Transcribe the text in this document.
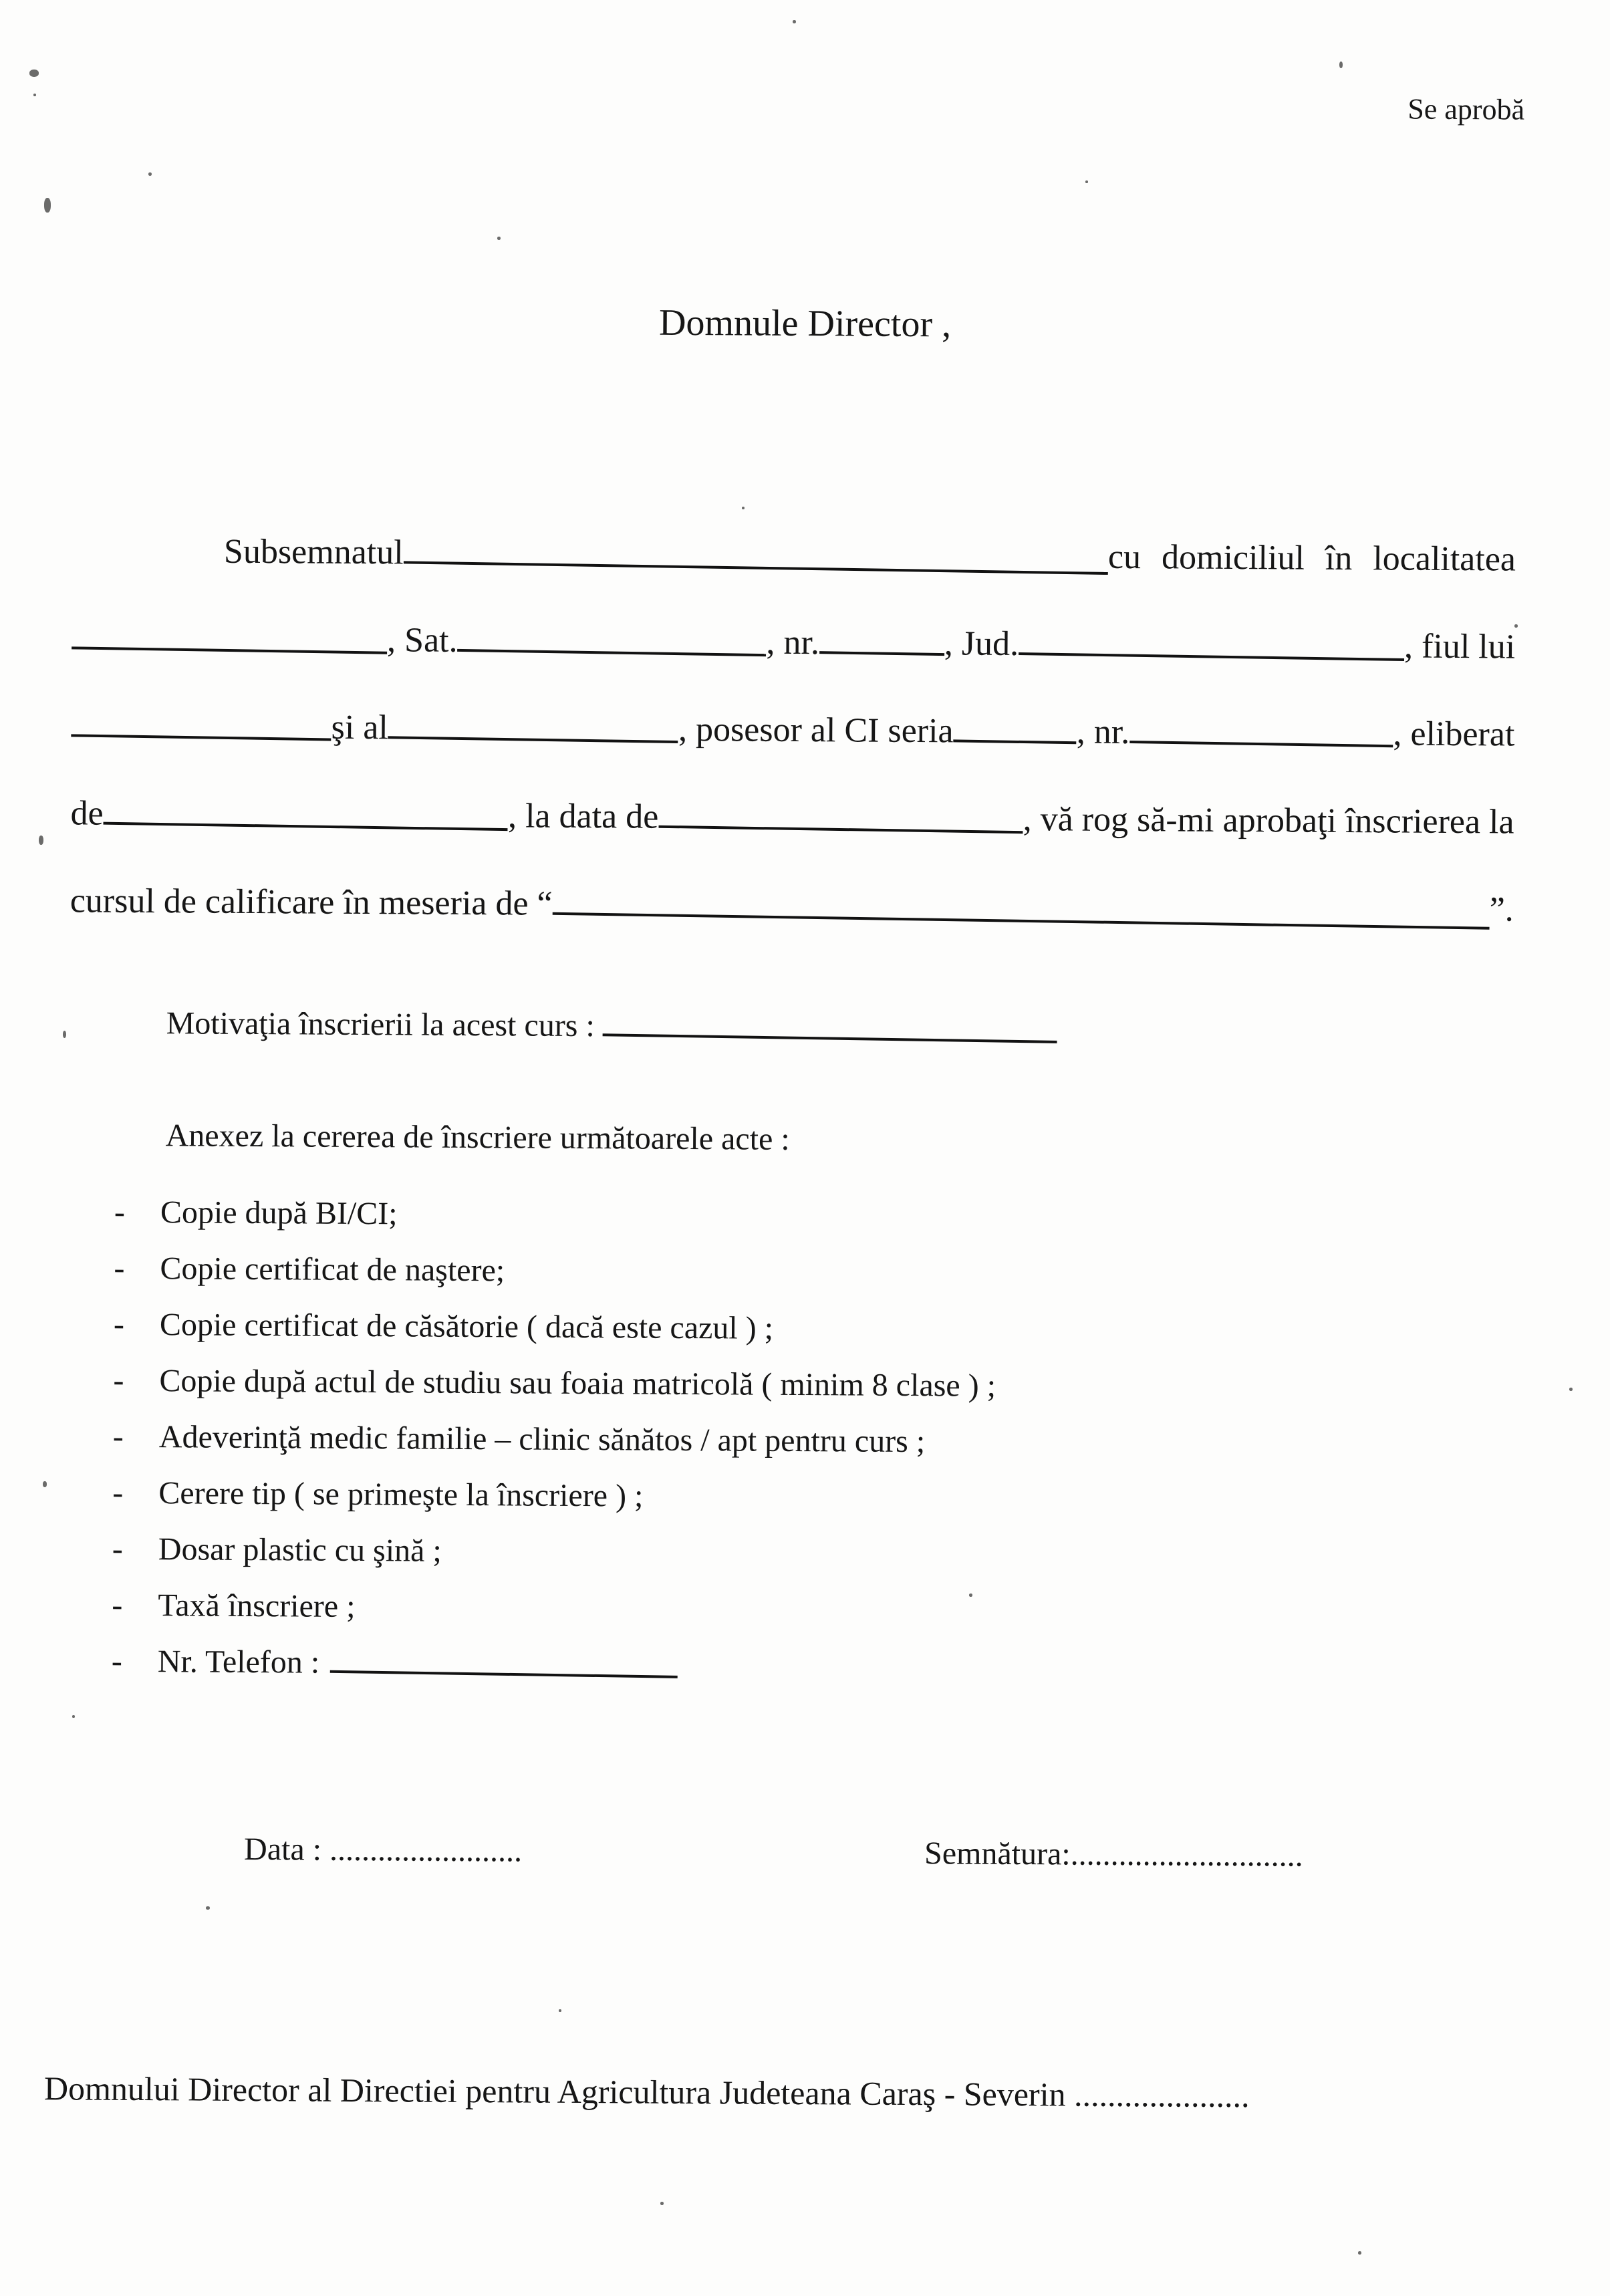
Se aprobă
Domnule Director ,
Subsemnatul	cu domiciliul în localitatea
, Sat.	, nr.	, Jud.	, fiul lui
şi al	, posesor al CI seria	, nr.	, eliberat
de	, la data de	, vă rog să-mi aprobaţi înscrierea la
cursul de calificare în meseria de “	”.
Motivaţia înscrierii la acest curs :
Anexez la cererea de înscriere următoarele acte :
-	Copie după BI/CI;
-	Copie certificat de naştere;
-	Copie certificat de căsătorie ( dacă este cazul ) ;
-	Copie după actul de studiu sau foaia matricolă ( minim 8 clase ) ;
-	Adeverinţă medic familie – clinic sănătos / apt pentru curs ;
-	Cerere tip ( se primeşte la înscriere ) ;
-	Dosar plastic cu şină ;
-	Taxă înscriere ;
-	Nr. Telefon :
Data : ........................	Semnătura:.............................
Domnului Director al Directiei pentru Agricultura Judeteana Caraş - Severin .....................
